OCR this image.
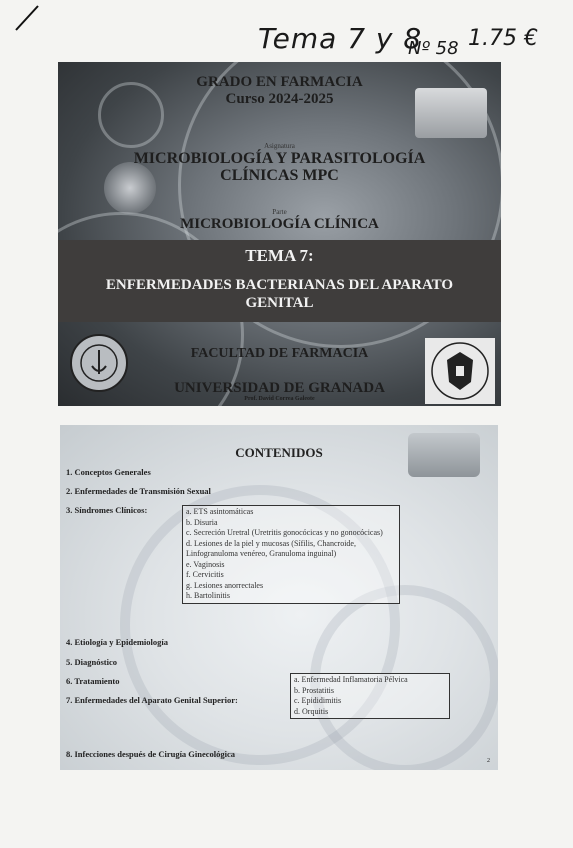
Tema 7 y 8
Nº 58 1.75 €
GRADO EN FARMACIA
Curso 2024-2025
Asignatura
MICROBIOLOGÍA Y PARASITOLOGÍA CLÍNICAS MPC
Parte
MICROBIOLOGÍA CLÍNICA
TEMA 7:
ENFERMEDADES BACTERIANAS DEL APARATO GENITAL
FACULTAD DE FARMACIA
UNIVERSIDAD DE GRANADA
Prof. David Correa Galeote
CONTENIDOS
1. Conceptos Generales
2. Enfermedades de Transmisión Sexual
3. Síndromes Clínicos:	a. ETS asintomáticas
b. Disuria
c. Secreción Uretral (Uretritis gonocócicas y no gonocócicas)
d. Lesiones de la piel y mucosas (Sífilis, Chancroide, Linfogranuloma venéreo, Granuloma inguinal)
e. Vaginosis
f. Cervicitis
g. Lesiones anorrectales
h. Bartolinitis
4. Etiología y Epidemiología
5. Diagnóstico
6. Tratamiento
7. Enfermedades del Aparato Genital Superior:
a. Enfermedad Inflamatoria Pélvica
b. Prostatitis
c. Epididimitis
d. Orquitis
8. Infecciones después de Cirugía Ginecológica
2
